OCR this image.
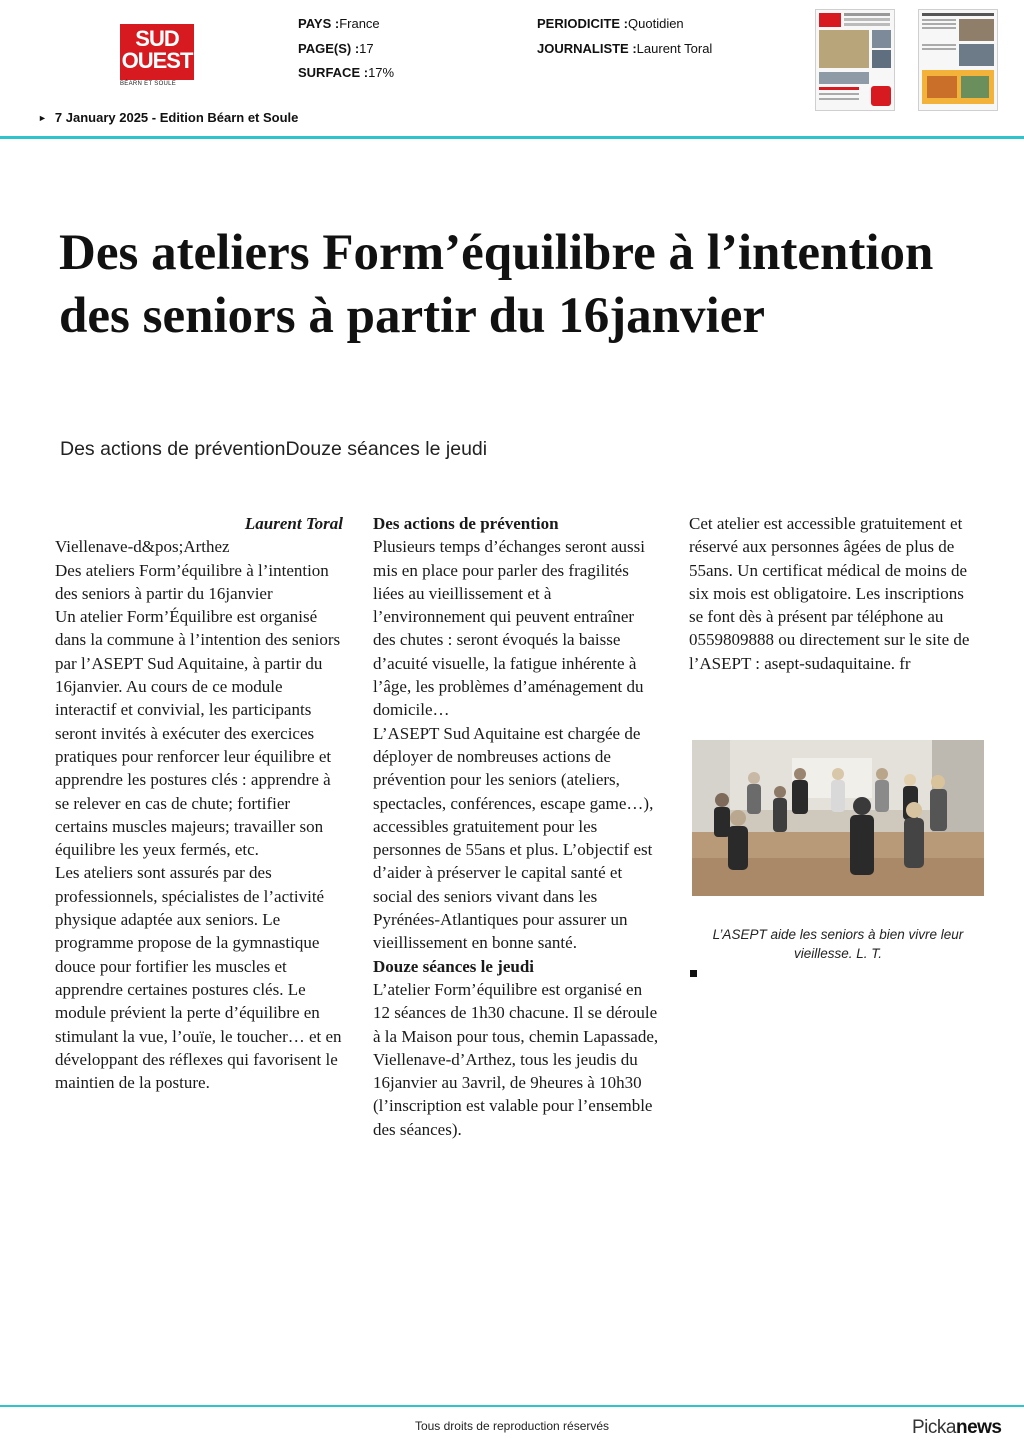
SUD
OUEST
BÉARN ET SOULE
PAYS :France
PAGE(S) :17
SURFACE :17%
PERIODICITE :Quotidien
JOURNALISTE :Laurent Toral
► 7 January 2025 - Edition Béarn et Soule
Des ateliers Form’équilibre à l’intention des seniors à partir du 16janvier

Des actions de préventionDouze séances le jeudi

Laurent Toral

Viellenave-d&pos;Arthez

Des ateliers Form’équilibre à l’intention

des seniors à partir du 16janvier

Un atelier Form’Équilibre est organisé dans la commune à l’intention des seniors par l’ASEPT Sud Aquitaine, à partir du 16janvier. Au cours de ce module interactif et convivial, les participants seront invités à exécuter des exercices pratiques pour renforcer leur équilibre et apprendre les postures clés : apprendre à se relever en cas de chute; fortifier certains muscles majeurs; travailler son équilibre les yeux fermés, etc.

Les ateliers sont assurés par des professionnels, spécialistes de l’activité physique adaptée aux seniors. Le programme propose de la gymnastique douce pour fortifier les muscles et apprendre certaines postures clés. Le module prévient la perte d’équilibre en stimulant la vue, l’ouïe, le toucher… et en développant des réflexes qui favorisent le maintien de la posture.

Des actions de prévention

Plusieurs temps d’échanges seront aussi mis en place pour parler des fragilités liées au vieillissement et à l’environnement qui peuvent entraîner des chutes : seront évoqués la baisse d’acuité visuelle, la fatigue inhérente à l’âge, les problèmes d’aménagement du domicile…

L’ASEPT Sud Aquitaine est chargée de déployer de nombreuses actions de prévention pour les seniors (ateliers, spectacles, conférences, escape game…), accessibles gratuitement pour les personnes de 55ans et plus. L’objectif est d’aider à préserver le capital santé et social des seniors vivant dans les Pyrénées-Atlantiques pour assurer un vieillissement en bonne santé.

Douze séances le jeudi

L’atelier Form’équilibre est organisé en 12 séances de 1h30 chacune. Il se déroule à la Maison pour tous, chemin Lapassade, Viellenave-d’Arthez, tous les jeudis du 16janvier au 3avril, de 9heures à 10h30 (l’inscription est valable pour l’ensemble des séances).

Cet atelier est accessible gratuitement et réservé aux personnes âgées de plus de 55ans. Un certificat médical de moins de six mois est obligatoire. Les inscriptions se font dès à présent par téléphone au 0559809888 ou directement sur le site de l’ASEPT : asept-sudaquitaine. fr

L’ASEPT aide les seniors à bien vivre leur vieillesse. L. T.
Tous droits de reproduction réservés	Pickanews
